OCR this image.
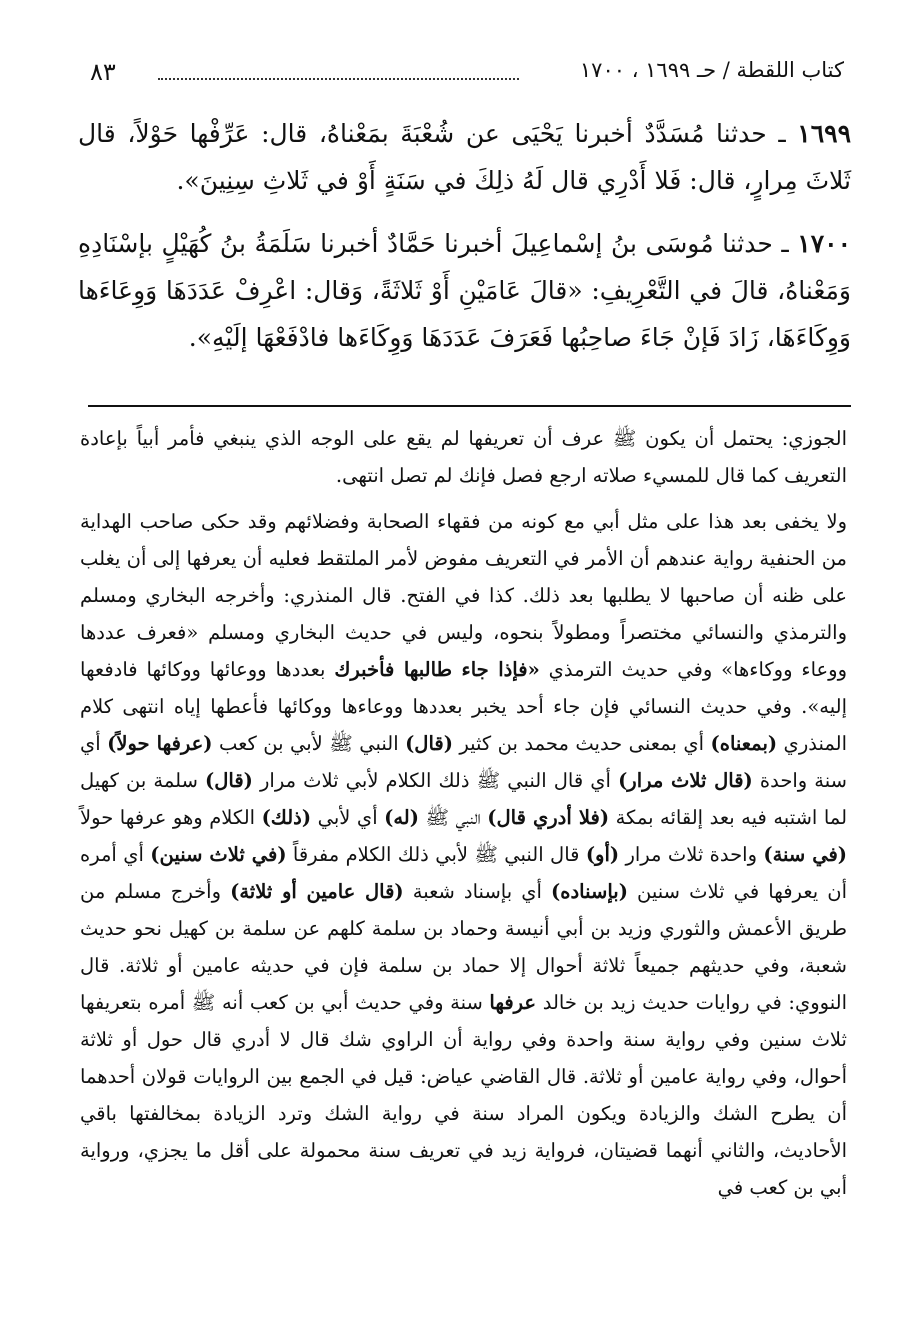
كتاب اللقطة / حـ ١٦٩٩ ، ١٧٠٠
٨٣

١٦٩٩ ـ حدثنا مُسَدَّدٌ أخبرنا يَحْيَى عن شُعْبَةَ بمَعْناهُ، قال: عَرِّفْها حَوْلاً، قال ثَلاثَ مِرارٍ، قال: فَلا أَدْرِي قال لَهُ ذلِكَ في سَنَةٍ أَوْ في ثَلاثِ سِنِينَ».

١٧٠٠ ـ حدثنا مُوسَى بنُ إسْماعِيلَ أخبرنا حَمَّادٌ أخبرنا سَلَمَةُ بنُ كُهَيْلٍ بإسْنَادِهِ وَمَعْناهُ، قالَ في التَّعْرِيفِ: «قالَ عَامَيْنِ أَوْ ثَلاثَةً، وَقال: اعْرِفْ عَدَدَهَا وَوِعَاءَها وَوِكَاءَهَا، زَادَ فَإنْ جَاءَ صاحِبُها فَعَرَفَ عَدَدَهَا وَوِكَاءَها فادْفَعْهَا إلَيْهِ».

الجوزي: يحتمل أن يكون ﷺ عرف أن تعريفها لم يقع على الوجه الذي ينبغي فأمر أبياً بإعادة التعريف كما قال للمسيء صلاته ارجع فصل فإنك لم تصل انتهى.

ولا يخفى بعد هذا على مثل أبي مع كونه من فقهاء الصحابة وفضلائهم وقد حكى صاحب الهداية من الحنفية رواية عندهم أن الأمر في التعريف مفوض لأمر الملتقط فعليه أن يعرفها إلى أن يغلب على ظنه أن صاحبها لا يطلبها بعد ذلك. كذا في الفتح. قال المنذري: وأخرجه البخاري ومسلم والترمذي والنسائي مختصراً ومطولاً بنحوه، وليس في حديث البخاري ومسلم «فعرف عددها ووعاء ووكاءها» وفي حديث الترمذي «فإذا جاء طالبها فأخبرك بعددها ووعائها ووكائها فادفعها إليه». وفي حديث النسائي فإن جاء أحد يخبر بعددها ووعاءها ووكائها فأعطها إياه انتهى كلام المنذري (بمعناه) أي بمعنى حديث محمد بن كثير (قال) النبي ﷺ لأبي بن كعب (عرفها حولاً) أي سنة واحدة (قال ثلاث مرار) أي قال النبي ﷺ ذلك الكلام لأبي ثلاث مرار (قال) سلمة بن كهيل لما اشتبه فيه بعد إلقائه بمكة (فلا أدري قال) النبي ﷺ (له) أي لأبي (ذلك) الكلام وهو عرفها حولاً (في سنة) واحدة ثلاث مرار (أو) قال النبي ﷺ لأبي ذلك الكلام مفرقاً (في ثلاث سنين) أي أمره أن يعرفها في ثلاث سنين (بإسناده) أي بإسناد شعبة (قال عامين أو ثلاثة) وأخرج مسلم من طريق الأعمش والثوري وزيد بن أبي أنيسة وحماد بن سلمة كلهم عن سلمة بن كهيل نحو حديث شعبة، وفي حديثهم جميعاً ثلاثة أحوال إلا حماد بن سلمة فإن في حديثه عامين أو ثلاثة. قال النووي: في روايات حديث زيد بن خالد عرفها سنة وفي حديث أبي بن كعب أنه ﷺ أمره بتعريفها ثلاث سنين وفي رواية سنة واحدة وفي رواية أن الراوي شك قال لا أدري قال حول أو ثلاثة أحوال، وفي رواية عامين أو ثلاثة. قال القاضي عياض: قيل في الجمع بين الروايات قولان أحدهما أن يطرح الشك والزيادة ويكون المراد سنة في رواية الشك وترد الزيادة بمخالفتها باقي الأحاديث، والثاني أنهما قضيتان، فرواية زيد في تعريف سنة محمولة على أقل ما يجزي، ورواية أبي بن كعب في
